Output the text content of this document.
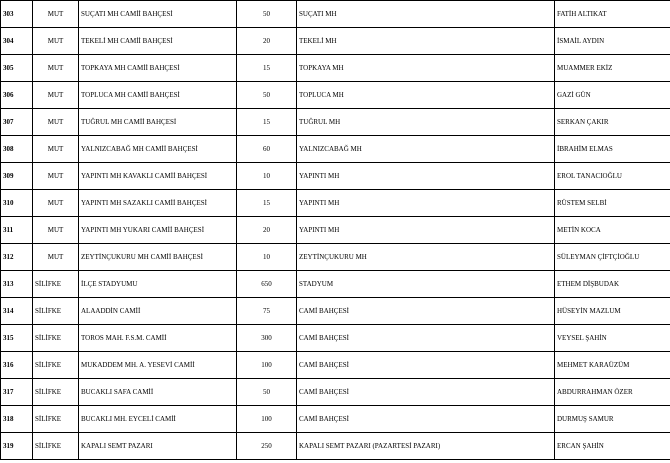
303	MUT	SUÇATI MH CAMİİ BAHÇESİ	50	SUÇATI MH	FATİH ALTIKAT
304	MUT	TEKELİ MH CAMİİ BAHÇESİ	20	TEKELİ MH	İSMAİL AYDIN
305	MUT	TOPKAYA MH CAMİİ BAHÇESİ	15	TOPKAYA MH	MUAMMER EKİZ
306	MUT	TOPLUCA MH CAMİİ BAHÇESİ	50	TOPLUCA MH	GAZİ GÜN
307	MUT	TUĞRUL MH CAMİİ BAHÇESİ	15	TUĞRUL MH	SERKAN ÇAKIR
308	MUT	YALNIZCABAĞ MH CAMİİ BAHÇESİ	60	YALNIZCABAĞ MH	İBRAHİM ELMAS
309	MUT	YAPINTI MH KAVAKLI CAMİİ BAHÇESİ	10	YAPINTI MH	EROL TANACIOĞLU
310	MUT	YAPINTI MH SAZAKLI CAMİİ BAHÇESİ	15	YAPINTI MH	RÜSTEM SELBİ
311	MUT	YAPINTI MH YUKARI CAMİİ BAHÇESİ	20	YAPINTI MH	METİN KOCA
312	MUT	ZEYTİNÇUKURU MH CAMİİ BAHÇESİ	10	ZEYTİNÇUKURU MH	SÜLEYMAN ÇİFTÇİOĞLU
313	SİLİFKE	İLÇE STADYUMU	650	STADYUM	ETHEM DİŞBUDAK
314	SİLİFKE	ALAADDİN CAMİİ	75	CAMİ BAHÇESİ	HÜSEYİN MAZLUM
315	SİLİFKE	TOROS MAH. F.S.M. CAMİİ	300	CAMİ BAHÇESİ	VEYSEL ŞAHİN
316	SİLİFKE	MUKADDEM MH. A. YESEVİ CAMİİ	100	CAMİ BAHÇESİ	MEHMET KARAÜZÜM
317	SİLİFKE	BUCAKLI SAFA CAMİİ	50	CAMİ BAHÇESİ	ABDURRAHMAN ÖZER
318	SİLİFKE	BUCAKLI MH. EYCELİ CAMİİ	100	CAMİ BAHÇESİ	DURMUŞ SAMUR
319	SİLİFKE	KAPALI SEMT PAZARI	250	KAPALI SEMT PAZARI (PAZARTESİ PAZARI)	ERCAN ŞAHİN
